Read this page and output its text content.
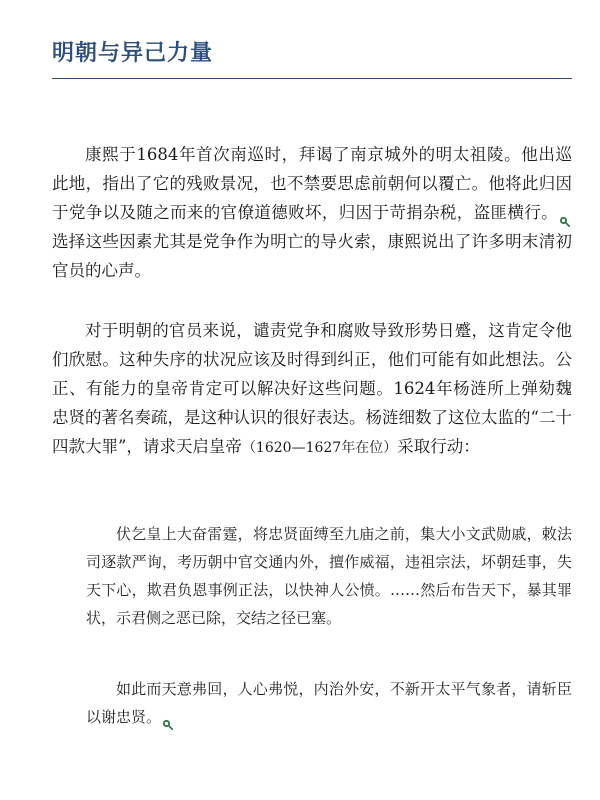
明朝与异己力量

康熙于1684年首次南巡时，拜谒了南京城外的明太祖陵。他出巡此地，指出了它的残败景况，也不禁要思虑前朝何以覆亡。他将此归因于党争以及随之而来的官僚道德败坏，归因于苛捐杂税，盗匪横行。选择这些因素尤其是党争作为明亡的导火索，康熙说出了许多明末清初官员的心声。

对于明朝的官员来说，谴责党争和腐败导致形势日蹙，这肯定令他们欣慰。这种失序的状况应该及时得到纠正，他们可能有如此想法。公正、有能力的皇帝肯定可以解决好这些问题。1624年杨涟所上弹劾魏忠贤的著名奏疏，是这种认识的很好表达。杨涟细数了这位太监的“二十四款大罪”，请求天启皇帝（1620—1627年在位）采取行动：

伏乞皇上大奋雷霆，将忠贤面缚至九庙之前，集大小文武勋戚，敕法司逐款严询，考历朝中官交通内外，擅作威福，违祖宗法，坏朝廷事，失天下心，欺君负恩事例正法，以快神人公愤。……然后布告天下，暴其罪状，示君侧之恶已除，交结之径已塞。

如此而天意弗回，人心弗悦，内治外安，不新开太平气象者，请斩臣以谢忠贤。
